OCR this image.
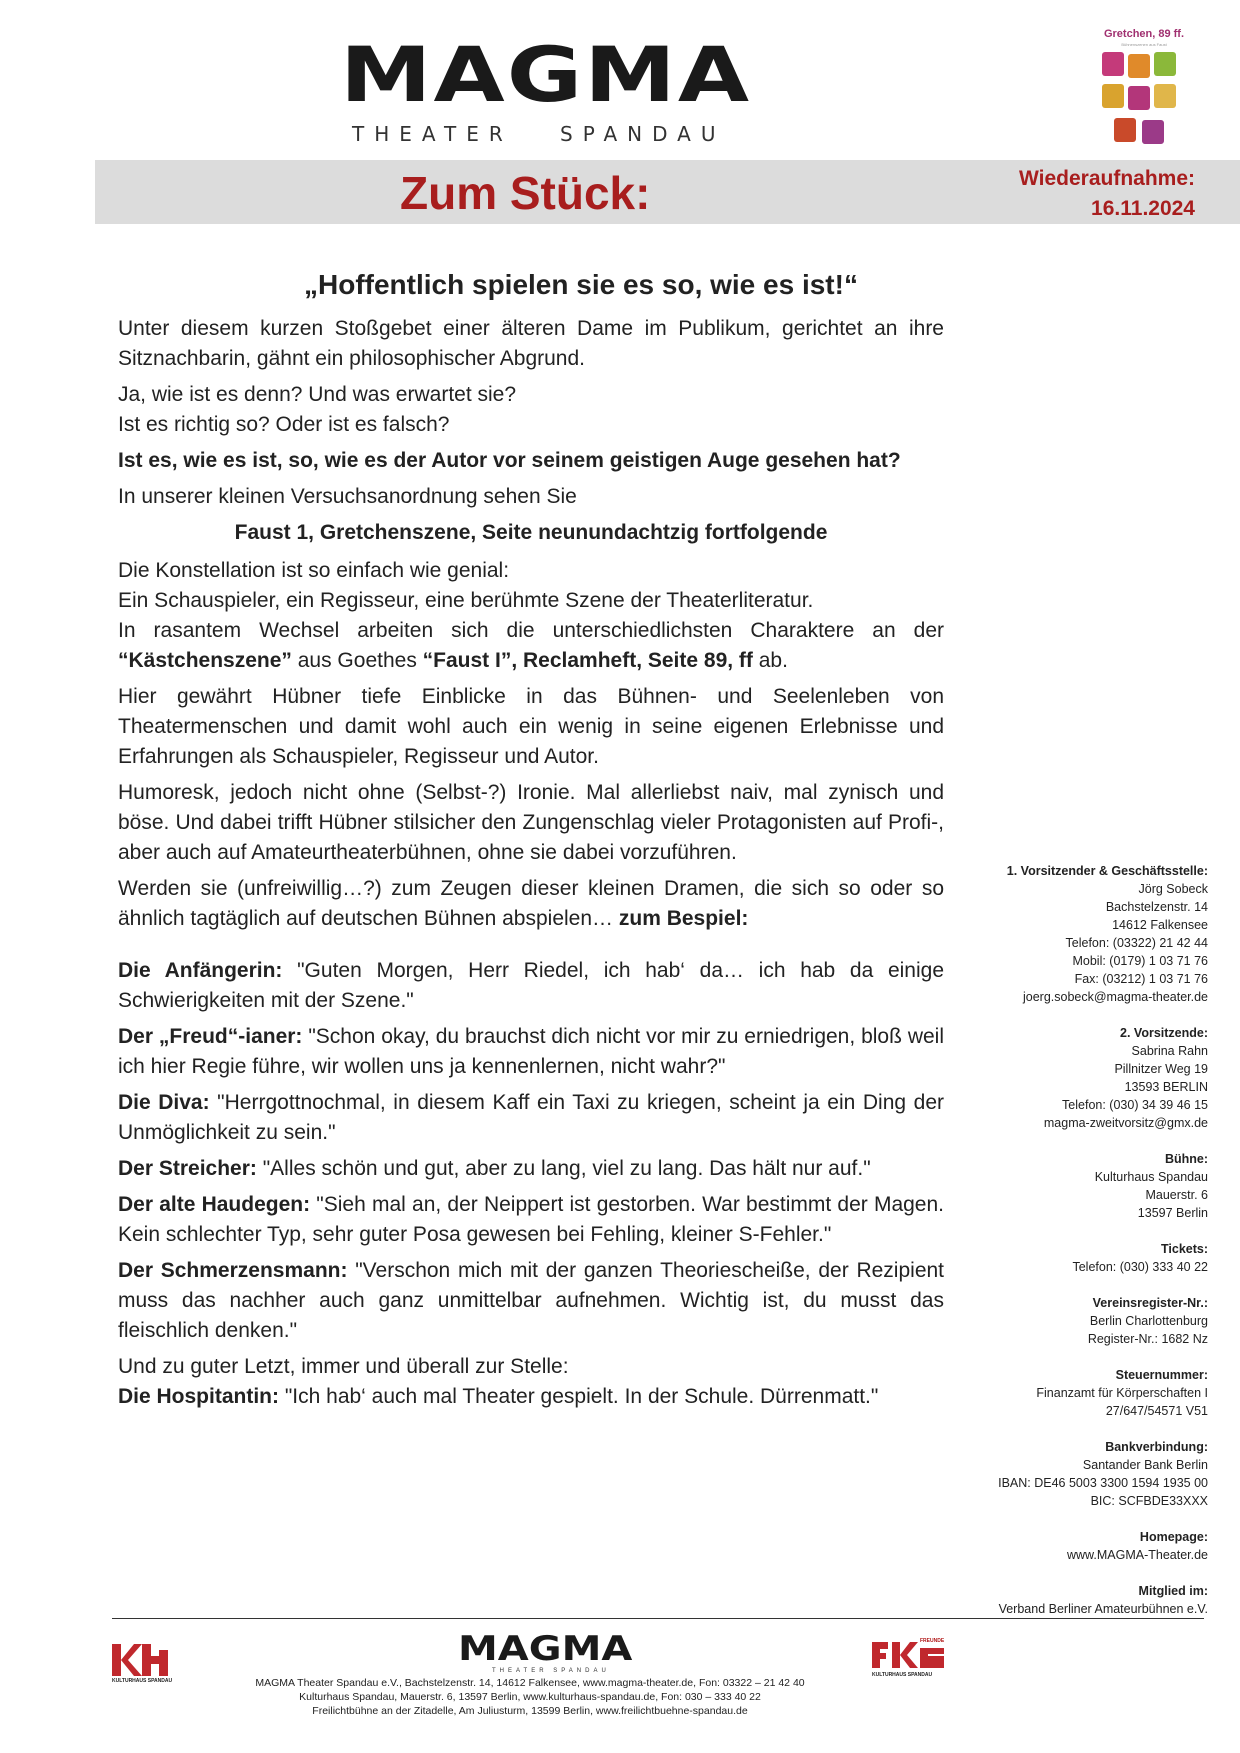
MAGMA
THEATER SPANDAU
Gretchen, 89 ff.
Bühnenszenen aus Faust
Zum Stück:	Wiederaufnahme:
16.11.2024

„Hoffentlich spielen sie es so, wie es ist!“

Unter diesem kurzen Stoßgebet einer älteren Dame im Publikum, gerichtet an ihre Sitznachbarin, gähnt ein philosophischer Abgrund.

Ja, wie ist es denn? Und was erwartet sie?
Ist es richtig so? Oder ist es falsch?

Ist es, wie es ist, so, wie es der Autor vor seinem geistigen Auge gesehen hat?

In unserer kleinen Versuchsanordnung sehen Sie

Faust 1, Gretchenszene, Seite neunundachtzig fortfolgende

Die Konstellation ist so einfach wie genial:
Ein Schauspieler, ein Regisseur, eine berühmte Szene der Theaterliteratur.
In rasantem Wechsel arbeiten sich die unterschiedlichsten Charaktere an der “Kästchenszene” aus Goethes “Faust I”, Reclamheft, Seite 89, ff ab.

Hier gewährt Hübner tiefe Einblicke in das Bühnen- und Seelenleben von Theatermenschen und damit wohl auch ein wenig in seine eigenen Erlebnisse und Erfahrungen als Schauspieler, Regisseur und Autor.

Humoresk, jedoch nicht ohne (Selbst-?) Ironie. Mal allerliebst naiv, mal zynisch und böse. Und dabei trifft Hübner stilsicher den Zungenschlag vieler Protagonisten auf Profi-, aber auch auf Amateurtheaterbühnen, ohne sie dabei vorzuführen.

Werden sie (unfreiwillig…?) zum Zeugen dieser kleinen Dramen, die sich so oder so ähnlich tagtäglich auf deutschen Bühnen abspielen… zum Bespiel:

Die Anfängerin: "Guten Morgen, Herr Riedel, ich hab‘ da… ich hab da einige Schwierigkeiten mit der Szene."

Der „Freud“-ianer: "Schon okay, du brauchst dich nicht vor mir zu erniedrigen, bloß weil ich hier Regie führe, wir wollen uns ja kennenlernen, nicht wahr?"

Die Diva: "Herrgottnochmal, in diesem Kaff ein Taxi zu kriegen, scheint ja ein Ding der Unmöglichkeit zu sein."

Der Streicher: "Alles schön und gut, aber zu lang, viel zu lang. Das hält nur auf."

Der alte Haudegen: "Sieh mal an, der Neippert ist gestorben. War bestimmt der Magen. Kein schlechter Typ, sehr guter Posa gewesen bei Fehling, kleiner S-Fehler."

Der Schmerzensmann: "Verschon mich mit der ganzen Theoriescheiße, der Rezipient muss das nachher auch ganz unmittelbar aufnehmen. Wichtig ist, du musst das fleischlich denken."

Und zu guter Letzt, immer und überall zur Stelle:
Die Hospitantin: "Ich hab‘ auch mal Theater gespielt. In der Schule. Dürrenmatt."

1. Vorsitzender & Geschäftsstelle:
Jörg Sobeck
Bachstelzenstr. 14
14612 Falkensee
Telefon: (03322) 21 42 44
Mobil: (0179) 1 03 71 76
Fax: (03212) 1 03 71 76
joerg.sobeck@magma-theater.de
2. Vorsitzende:
Sabrina Rahn
Pillnitzer Weg 19
13593 BERLIN
Telefon: (030) 34 39 46 15
magma-zweitvorsitz@gmx.de
Bühne:
Kulturhaus Spandau
Mauerstr. 6
13597 Berlin
Tickets:
Telefon: (030) 333 40 22
Vereinsregister-Nr.:
Berlin Charlottenburg
Register-Nr.: 1682 Nz
Steuernummer:
Finanzamt für Körperschaften I
27/647/54571 V51
Bankverbindung:
Santander Bank Berlin
IBAN: DE46 5003 3300 1594 1935 00
BIC: SCFBDE33XXX
Homepage:
www.MAGMA-Theater.de
Mitglied im:
Verband Berliner Amateurbühnen e.V.
KULTURHAUS SPANDAU
MAGMA
THEATER SPANDAU
MAGMA Theater Spandau e.V., Bachstelzenstr. 14, 14612 Falkensee, www.magma-theater.de, Fon: 03322 – 21 42 40
Kulturhaus Spandau, Mauerstr. 6, 13597 Berlin, www.kulturhaus-spandau.de, Fon: 030 – 333 40 22
Freilichtbühne an der Zitadelle, Am Juliusturm, 13599 Berlin, www.freilichtbuehne-spandau.de
FREUNDE
KULTURHAUS SPANDAU
